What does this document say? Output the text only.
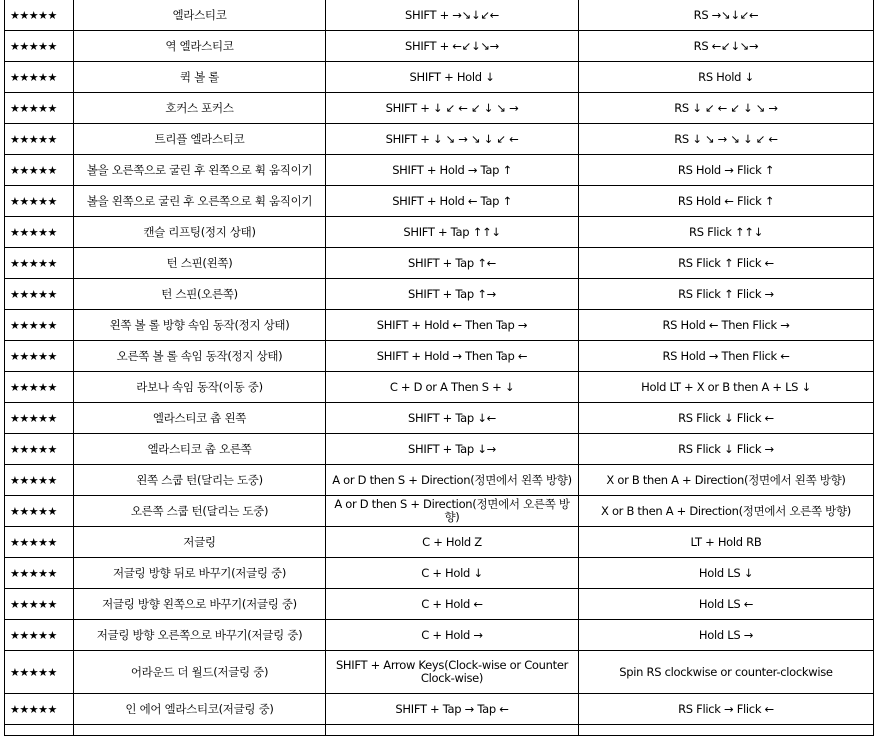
★★★★★	엘라스티코	SHIFT + →↘↓↙←	RS →↘↓↙←
★★★★★	역 엘라스티코	SHIFT + ←↙↓↘→	RS ←↙↓↘→
★★★★★	퀵 볼 롤	SHIFT + Hold ↓	RS Hold ↓
★★★★★	호커스 포커스	SHIFT + ↓ ↙ ← ↙ ↓ ↘ →	RS ↓ ↙ ← ↙ ↓ ↘ →
★★★★★	트리플 엘라스티코	SHIFT + ↓ ↘ → ↘ ↓ ↙ ←	RS ↓ ↘ → ↘ ↓ ↙ ←
★★★★★	볼을 오른쪽으로 굴린 후 왼쪽으로 휙 움직이기	SHIFT + Hold → Tap ↑	RS Hold → Flick ↑
★★★★★	볼을 왼쪽으로 굴린 후 오른쪽으로 휙 움직이기	SHIFT + Hold ← Tap ↑	RS Hold ← Flick ↑
★★★★★	캔슬 리프팅(정지 상태)	SHIFT + Tap ↑↑↓	RS Flick ↑↑↓
★★★★★	턴 스핀(왼쪽)	SHIFT + Tap ↑←	RS Flick ↑ Flick ←
★★★★★	턴 스핀(오른쪽)	SHIFT + Tap ↑→	RS Flick ↑ Flick →
★★★★★	왼쪽 볼 롤 방향 속임 동작(정지 상태)	SHIFT + Hold ← Then Tap →	RS Hold ← Then Flick →
★★★★★	오른쪽 볼 롤 속임 동작(정지 상태)	SHIFT + Hold → Then Tap ←	RS Hold → Then Flick ←
★★★★★	라보나 속임 동작(이동 중)	C + D or A Then S + ↓	Hold LT + X or B then A + LS ↓
★★★★★	엘라스티코 촙 왼쪽	SHIFT + Tap ↓←	RS Flick ↓ Flick ←
★★★★★	엘라스티코 촙 오른쪽	SHIFT + Tap ↓→	RS Flick ↓ Flick →
★★★★★	왼쪽 스쿱 턴(달리는 도중)	A or D then S + Direction(정면에서 왼쪽 방향)	X or B then A + Direction(정면에서 왼쪽 방향)
★★★★★	오른쪽 스쿱 턴(달리는 도중)	A or D then S + Direction(정면에서 오른쪽 방향)	X or B then A + Direction(정면에서 오른쪽 방향)
★★★★★	저글링	C + Hold Z	LT + Hold RB
★★★★★	저글링 방향 뒤로 바꾸기(저글링 중)	C + Hold ↓	Hold LS ↓
★★★★★	저글링 방향 왼쪽으로 바꾸기(저글링 중)	C + Hold ←	Hold LS ←
★★★★★	저글링 방향 오른쪽으로 바꾸기(저글링 중)	C + Hold →	Hold LS →
★★★★★	어라운드 더 월드(저글링 중)	SHIFT + Arrow Keys(Clock-wise or Counter Clock-wise)	Spin RS clockwise or counter-clockwise
★★★★★	인 에어 엘라스티코(저글링 중)	SHIFT + Tap → Tap ←	RS Flick → Flick ←
